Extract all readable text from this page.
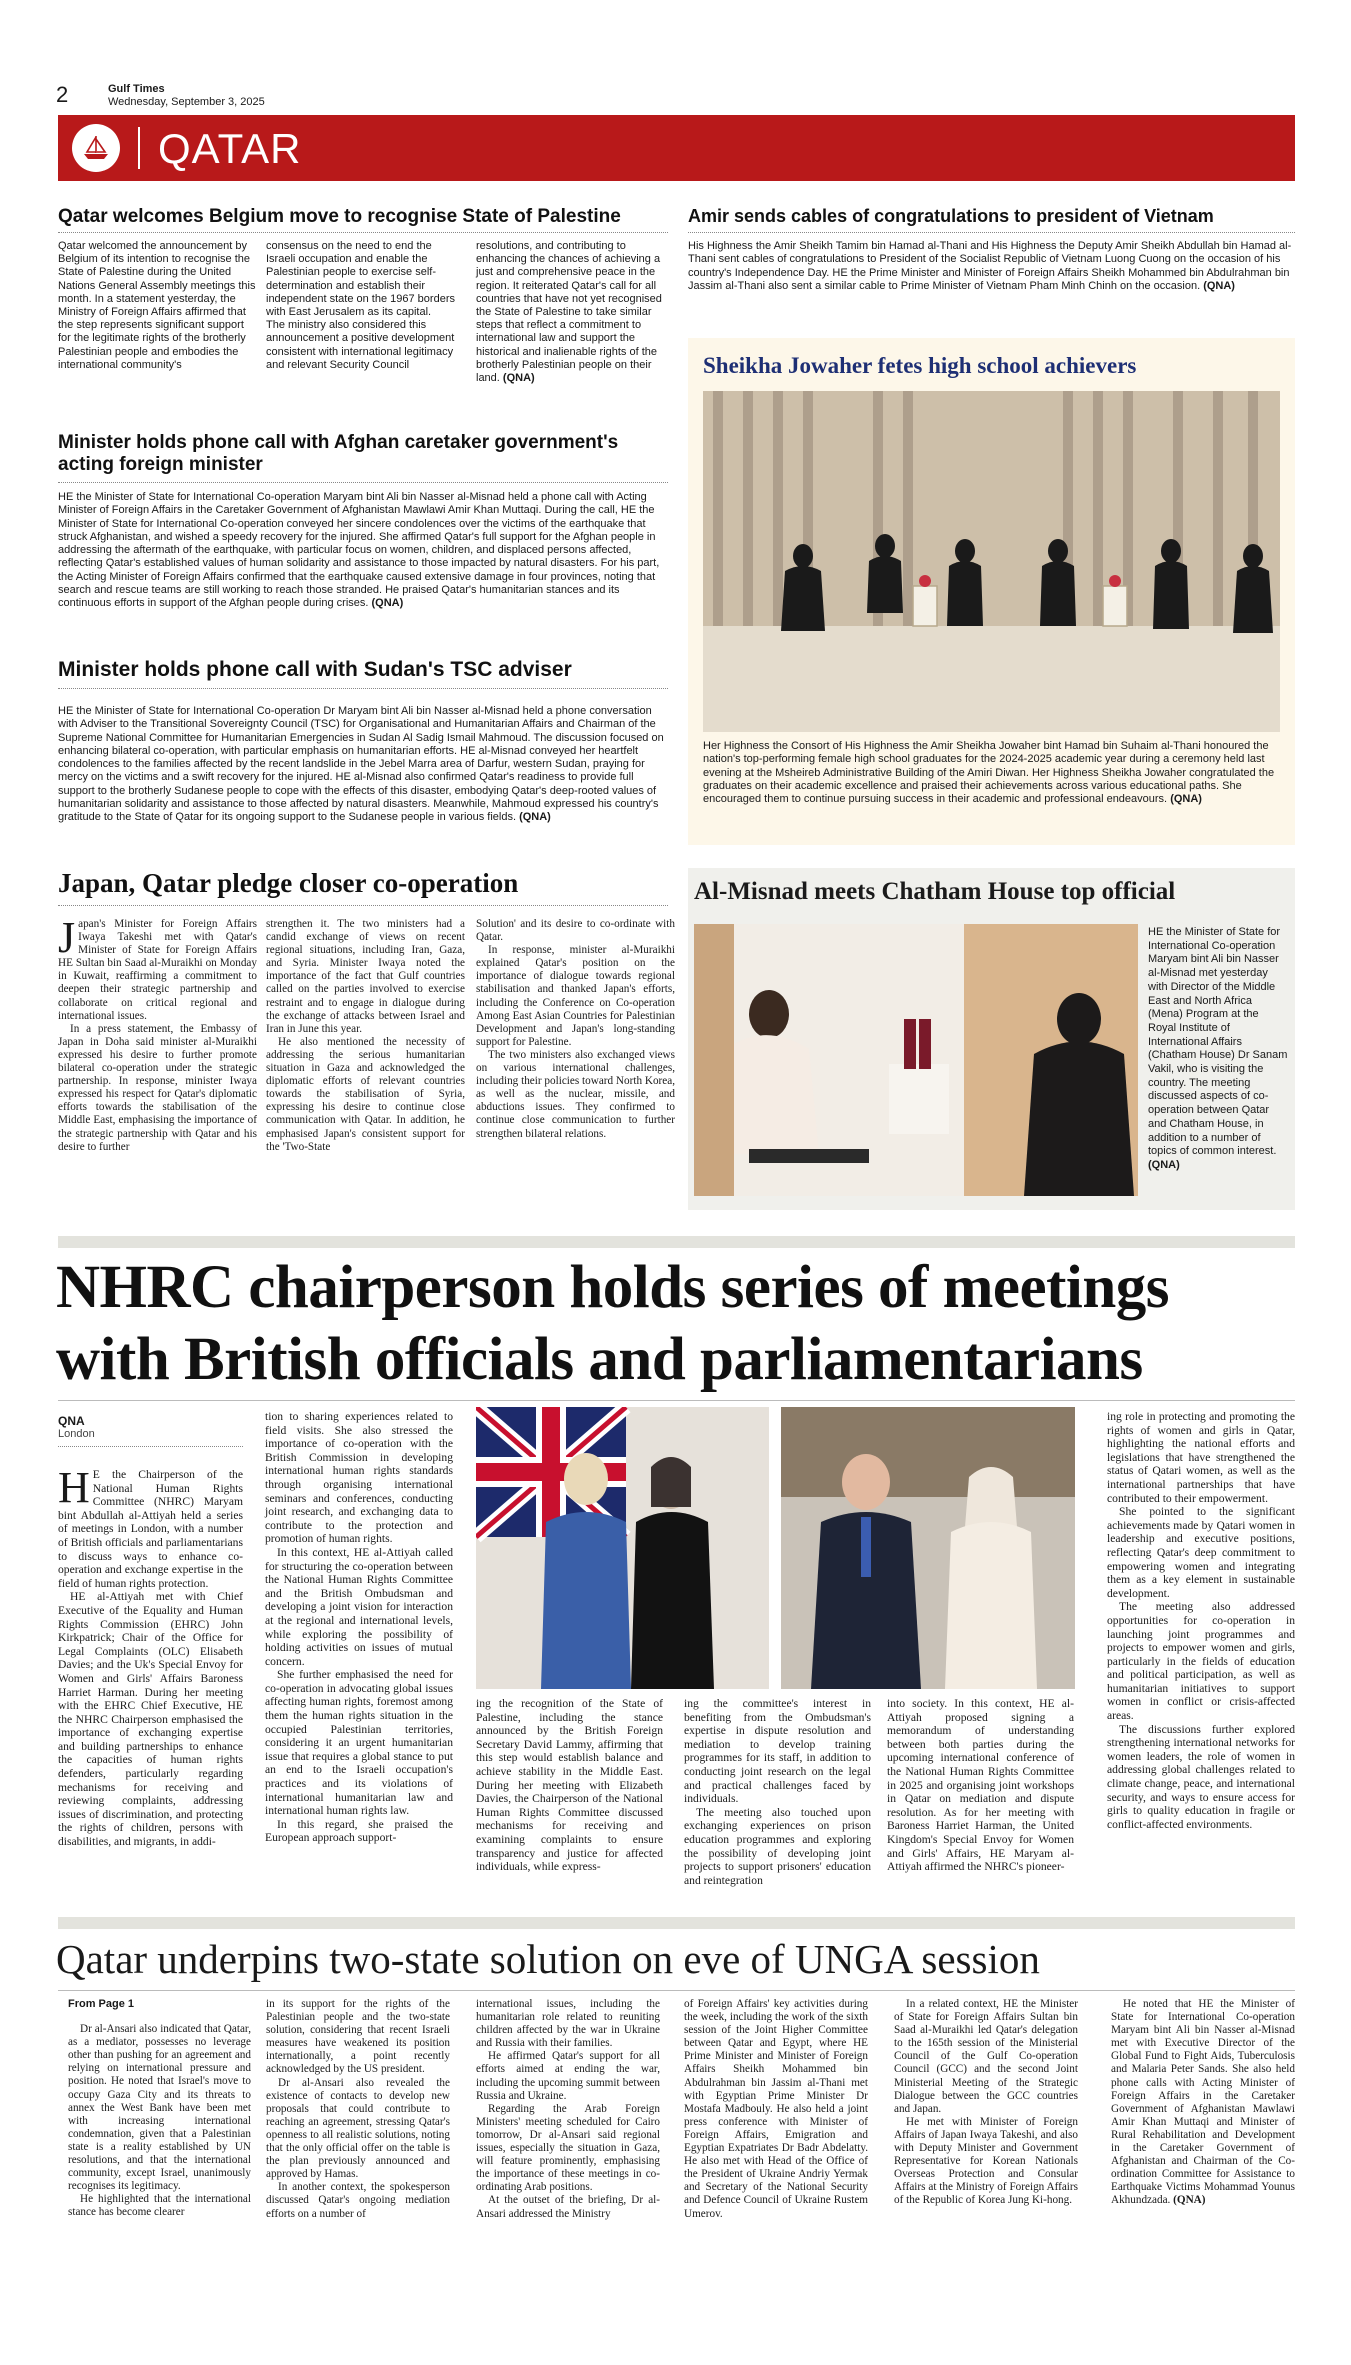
2	Gulf Times
Wednesday, September 3, 2025
QATAR
Qatar welcomes Belgium move to recognise State of Palestine
Qatar welcomed the announcement by Belgium of its intention to recognise the State of Palestine during the United Nations General Assembly meetings this month. In a statement yesterday, the Ministry of Foreign Affairs affirmed that the step represents significant support for the legitimate rights of the brotherly Palestinian people and embodies the international community's
consensus on the need to end the Israeli occupation and enable the Palestinian people to exercise self-determination and establish their independent state on the 1967 borders with East Jerusalem as its capital.
The ministry also considered this announcement a positive development consistent with international legitimacy and relevant Security Council
resolutions, and contributing to enhancing the chances of achieving a just and comprehensive peace in the region. It reiterated Qatar's call for all countries that have not yet recognised the State of Palestine to take similar steps that reflect a commitment to international law and support the historical and inalienable rights of the brotherly Palestinian people on their land. (QNA)
Amir sends cables of congratulations to president of Vietnam
His Highness the Amir Sheikh Tamim bin Hamad al-Thani and His Highness the Deputy Amir Sheikh Abdullah bin Hamad al-Thani sent cables of congratulations to President of the Socialist Republic of Vietnam Luong Cuong on the occasion of his country's Independence Day. HE the Prime Minister and Minister of Foreign Affairs Sheikh Mohammed bin Abdulrahman bin Jassim al-Thani also sent a similar cable to Prime Minister of Vietnam Pham Minh Chinh on the occasion. (QNA)
Minister holds phone call with Afghan caretaker government's acting foreign minister
HE the Minister of State for International Co-operation Maryam bint Ali bin Nasser al-Misnad held a phone call with Acting Minister of Foreign Affairs in the Caretaker Government of Afghanistan Mawlawi Amir Khan Muttaqi. During the call, HE the Minister of State for International Co-operation conveyed her sincere condolences over the victims of the earthquake that struck Afghanistan, and wished a speedy recovery for the injured. She affirmed Qatar's full support for the Afghan people in addressing the aftermath of the earthquake, with particular focus on women, children, and displaced persons affected, reflecting Qatar's established values of human solidarity and assistance to those impacted by natural disasters. For his part, the Acting Minister of Foreign Affairs confirmed that the earthquake caused extensive damage in four provinces, noting that search and rescue teams are still working to reach those stranded. He praised Qatar's humanitarian stances and its continuous efforts in support of the Afghan people during crises. (QNA)
Minister holds phone call with Sudan's TSC adviser
HE the Minister of State for International Co-operation Dr Maryam bint Ali bin Nasser al-Misnad held a phone conversation with Adviser to the Transitional Sovereignty Council (TSC) for Organisational and Humanitarian Affairs and Chairman of the Supreme National Committee for Humanitarian Emergencies in Sudan Al Sadig Ismail Mahmoud. The discussion focused on enhancing bilateral co-operation, with particular emphasis on humanitarian efforts. HE al-Misnad conveyed her heartfelt condolences to the families affected by the recent landslide in the Jebel Marra area of Darfur, western Sudan, praying for mercy on the victims and a swift recovery for the injured. HE al-Misnad also confirmed Qatar's readiness to provide full support to the brotherly Sudanese people to cope with the effects of this disaster, embodying Qatar's deep-rooted values of humanitarian solidarity and assistance to those affected by natural disasters. Meanwhile, Mahmoud expressed his country's gratitude to the State of Qatar for its ongoing support to the Sudanese people in various fields. (QNA)
Sheikha Jowaher fetes high school achievers
Her Highness the Consort of His Highness the Amir Sheikha Jowaher bint Hamad bin Suhaim al-Thani honoured the nation's top-performing female high school graduates for the 2024-2025 academic year during a ceremony held last evening at the Msheireb Administrative Building of the Amiri Diwan. Her Highness Sheikha Jowaher congratulated the graduates on their academic excellence and praised their achievements across various educational paths. She encouraged them to continue pursuing success in their academic and professional endeavours. (QNA)
Japan, Qatar pledge closer co-operation
Japan's Minister for Foreign Affairs Iwaya Takeshi met with Qatar's Minister of State for Foreign Affairs HE Sultan bin Saad al-Muraikhi on Monday in Kuwait, reaffirming a commitment to deepen their strategic partnership and collaborate on critical regional and international issues.
In a press statement, the Embassy of Japan in Doha said minister al-Muraikhi expressed his desire to further promote bilateral co-operation under the strategic partnership. In response, minister Iwaya expressed his respect for Qatar's diplomatic efforts towards the stabilisation of the Middle East, emphasising the importance of the strategic partnership with Qatar and his desire to further
strengthen it. The two ministers had a candid exchange of views on recent regional situations, including Iran, Gaza, and Syria. Minister Iwaya noted the importance of the fact that Gulf countries called on the parties involved to exercise restraint and to engage in dialogue during the exchange of attacks between Israel and Iran in June this year.
He also mentioned the necessity of addressing the serious humanitarian situation in Gaza and acknowledged the diplomatic efforts of relevant countries towards the stabilisation of Syria, expressing his desire to continue close communication with Qatar. In addition, he emphasised Japan's consistent support for the 'Two-State
Solution' and its desire to co-ordinate with Qatar.
In response, minister al-Muraikhi explained Qatar's position on the importance of dialogue towards regional stabilisation and thanked Japan's efforts, including the Conference on Co-operation Among East Asian Countries for Palestinian Development and Japan's long-standing support for Palestine.
The two ministers also exchanged views on various international challenges, including their policies toward North Korea, as well as the nuclear, missile, and abductions issues. They confirmed to continue close communication to further strengthen bilateral relations.
Al-Misnad meets Chatham House top official
HE the Minister of State for International Co-operation Maryam bint Ali bin Nasser al-Misnad met yesterday with Director of the Middle East and North Africa (Mena) Program at the Royal Institute of International Affairs (Chatham House) Dr Sanam Vakil, who is visiting the country. The meeting discussed aspects of co-operation between Qatar and Chatham House, in addition to a number of topics of common interest. (QNA)
NHRC chairperson holds series of meetings
with British officials and parliamentarians
QNA
London
H E the Chairperson of the National Human Rights Committee (NHRC) Maryam bint Abdullah al-Attiyah held a series of meetings in London, with a number of British officials and parliamentarians to discuss ways to enhance co-operation and exchange expertise in the field of human rights protection.
HE al-Attiyah met with Chief Executive of the Equality and Human Rights Commission (EHRC) John Kirkpatrick; Chair of the Office for Legal Complaints (OLC) Elisabeth Davies; and the Uk's Special Envoy for Women and Girls' Affairs Baroness Harriet Harman. During her meeting with the EHRC Chief Executive, HE the NHRC Chairperson emphasised the importance of exchanging expertise and building partnerships to enhance the capacities of human rights defenders, particularly regarding mechanisms for receiving and reviewing complaints, addressing issues of discrimination, and protecting the rights of children, persons with disabilities, and migrants, in addi-
tion to sharing experiences related to field visits. She also stressed the importance of co-operation with the British Commission in developing international human rights standards through organising international seminars and conferences, conducting joint research, and exchanging data to contribute to the protection and promotion of human rights.
In this context, HE al-Attiyah called for structuring the co-operation between the National Human Rights Committee and the British Ombudsman and developing a joint vision for interaction at the regional and international levels, while exploring the possibility of holding activities on issues of mutual concern.
She further emphasised the need for co-operation in advocating global issues affecting human rights, foremost among them the human rights situation in the occupied Palestinian territories, considering it an urgent humanitarian issue that requires a global stance to put an end to the Israeli occupation's practices and its violations of international humanitarian law and international human rights law.
In this regard, she praised the European approach support-
ing the recognition of the State of Palestine, including the stance announced by the British Foreign Secretary David Lammy, affirming that this step would establish balance and achieve stability in the Middle East. During her meeting with Elizabeth Davies, the Chairperson of the National Human Rights Committee discussed mechanisms for receiving and examining complaints to ensure transparency and justice for affected individuals, while express-
ing the committee's interest in benefiting from the Ombudsman's expertise in dispute resolution and mediation to develop training programmes for its staff, in addition to conducting joint research on the legal and practical challenges faced by individuals.
The meeting also touched upon exchanging experiences on prison education programmes and exploring the possibility of developing joint projects to support prisoners' education and reintegration
into society. In this context, HE al-Attiyah proposed signing a memorandum of understanding between both parties during the upcoming international conference of the National Human Rights Committee in 2025 and organising joint workshops in Qatar on mediation and dispute resolution. As for her meeting with Baroness Harriet Harman, the United Kingdom's Special Envoy for Women and Girls' Affairs, HE Maryam al-Attiyah affirmed the NHRC's pioneer-
ing role in protecting and promoting the rights of women and girls in Qatar, highlighting the national efforts and legislations that have strengthened the status of Qatari women, as well as the international partnerships that have contributed to their empowerment.
She pointed to the significant achievements made by Qatari women in leadership and executive positions, reflecting Qatar's deep commitment to empowering women and integrating them as a key element in sustainable development.
The meeting also addressed opportunities for co-operation in launching joint programmes and projects to empower women and girls, particularly in the fields of education and political participation, as well as humanitarian initiatives to support women in conflict or crisis-affected areas.
The discussions further explored strengthening international networks for women leaders, the role of women in addressing global challenges related to climate change, peace, and international security, and ways to ensure access for girls to quality education in fragile or conflict-affected environments.
Qatar underpins two-state solution on eve of UNGA session
From Page 1
Dr al-Ansari also indicated that Qatar, as a mediator, possesses no leverage other than pushing for an agreement and relying on international pressure and position. He noted that Israel's move to occupy Gaza City and its threats to annex the West Bank have been met with increasing international condemnation, given that a Palestinian state is a reality established by UN resolutions, and that the international community, except Israel, unanimously recognises its legitimacy.
He highlighted that the international stance has become clearer
in its support for the rights of the Palestinian people and the two-state solution, considering that recent Israeli measures have weakened its position internationally, a point recently acknowledged by the US president.
Dr al-Ansari also revealed the existence of contacts to develop new proposals that could contribute to reaching an agreement, stressing Qatar's openness to all realistic solutions, noting that the only official offer on the table is the plan previously announced and approved by Hamas.
In another context, the spokesperson discussed Qatar's ongoing mediation efforts on a number of
international issues, including the humanitarian role related to reuniting children affected by the war in Ukraine and Russia with their families.
He affirmed Qatar's support for all efforts aimed at ending the war, including the upcoming summit between Russia and Ukraine.
Regarding the Arab Foreign Ministers' meeting scheduled for Cairo tomorrow, Dr al-Ansari said regional issues, especially the situation in Gaza, will feature prominently, emphasising the importance of these meetings in co-ordinating Arab positions.
At the outset of the briefing, Dr al-Ansari addressed the Ministry
of Foreign Affairs' key activities during the week, including the work of the sixth session of the Joint Higher Committee between Qatar and Egypt, where HE Prime Minister and Minister of Foreign Affairs Sheikh Mohammed bin Abdulrahman bin Jassim al-Thani met with Egyptian Prime Minister Dr Mostafa Madbouly. He also held a joint press conference with Minister of Foreign Affairs, Emigration and Egyptian Expatriates Dr Badr Abdelatty. He also met with Head of the Office of the President of Ukraine Andriy Yermak and Secretary of the National Security and Defence Council of Ukraine Rustem Umerov.
In a related context, HE the Minister of State for Foreign Affairs Sultan bin Saad al-Muraikhi led Qatar's delegation to the 165th session of the Ministerial Council of the Gulf Co-operation Council (GCC) and the second Joint Ministerial Meeting of the Strategic Dialogue between the GCC countries and Japan.
He met with Minister of Foreign Affairs of Japan Iwaya Takeshi, and also with Deputy Minister and Government Representative for Korean Nationals Overseas Protection and Consular Affairs at the Ministry of Foreign Affairs of the Republic of Korea Jung Ki-hong.
He noted that HE the Minister of State for International Co-operation Maryam bint Ali bin Nasser al-Misnad met with Executive Director of the Global Fund to Fight Aids, Tuberculosis and Malaria Peter Sands. She also held phone calls with Acting Minister of Foreign Affairs in the Caretaker Government of Afghanistan Mawlawi Amir Khan Muttaqi and Minister of Rural Rehabilitation and Development in the Caretaker Government of Afghanistan and Chairman of the Co-ordination Committee for Assistance to Earthquake Victims Mohammad Younus Akhundzada. (QNA)
